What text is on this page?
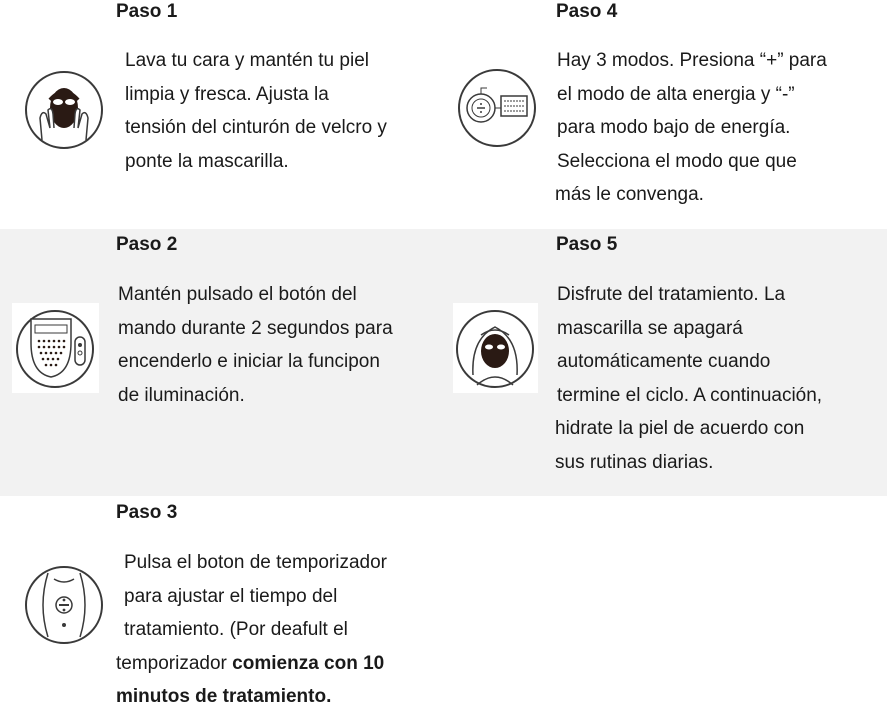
Paso 1
Lava tu cara y mantén tu piel
limpia y fresca. Ajusta la
tensión del cinturón de velcro y
ponte la mascarilla.
Paso 4
Hay 3 modos. Presiona “+” para
el modo de alta energia y “-”
para modo bajo de energía.
Selecciona el modo que que
más le convenga.
Paso 2
Mantén pulsado el botón del
mando durante 2 segundos para
encenderlo e iniciar la funcipon
de iluminación.
Paso 5
Disfrute del tratamiento. La
mascarilla se apagará
automáticamente cuando
termine el ciclo. A continuación,
hidrate la piel de acuerdo con
sus rutinas diarias.
Paso 3
Pulsa el boton de temporizador
para ajustar el tiempo del
tratamiento. (Por deafult el
temporizador comienza con 10
minutos de tratamiento.
